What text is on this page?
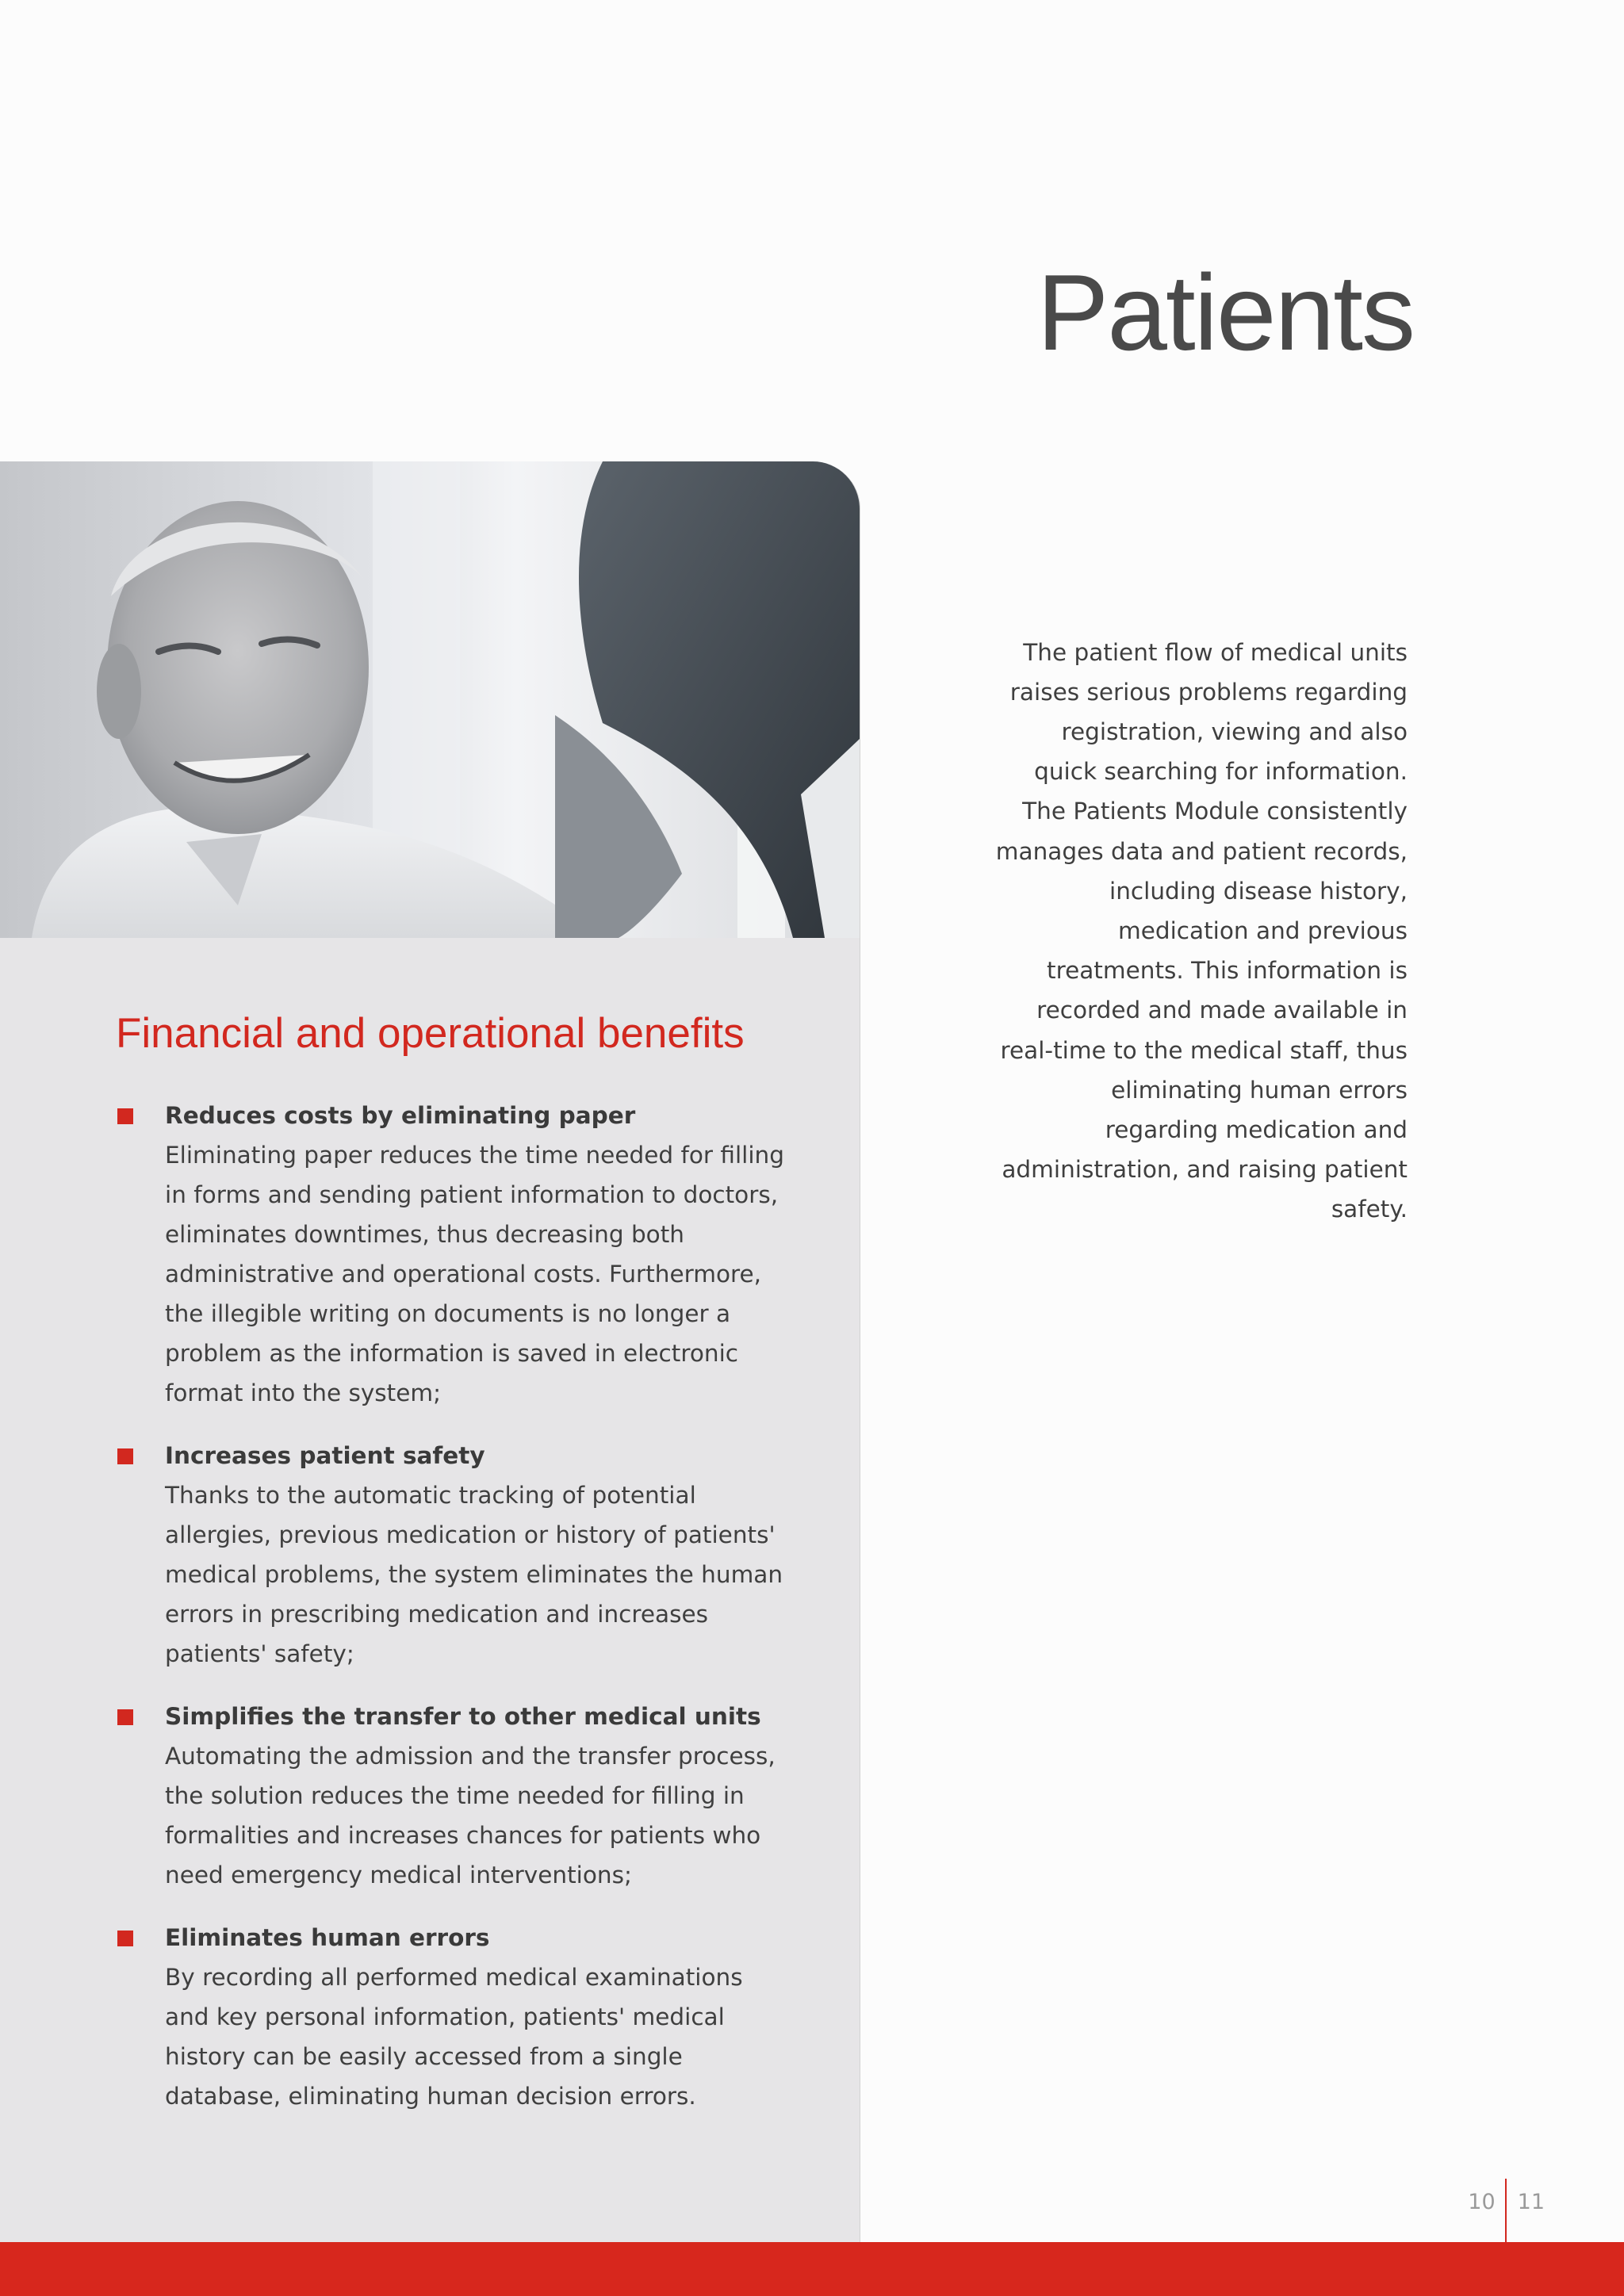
Patients
Financial and operational benefits
Reduces costs by eliminating paper
Eliminating paper reduces the time needed for filling in forms and sending patient information to doctors, eliminates downtimes, thus decreasing both administrative and operational costs. Furthermore, the illegible writing on documents is no longer a problem as the information is saved in electronic format into the system;
Increases patient safety
Thanks to the automatic tracking of potential allergies, previous medication or history of patients' medical problems, the system eliminates the human errors in prescribing medication and increases patients' safety;
Simplifies the transfer to other medical units
Automating the admission and the transfer process, the solution reduces the time needed for filling in formalities and increases chances for patients who need emergency medical interventions;
Eliminates human errors
By recording all performed medical examinations and key personal information, patients' medical history can be easily accessed from a single database, eliminating human decision errors.

The patient flow of medical units raises serious problems regarding registration, viewing and also quick searching for information. The Patients Module consistently manages data and patient records, including disease history, medication and previous treatments. This information is recorded and made available in real-time to the medical staff, thus eliminating human errors regarding medication and administration, and raising patient safety.

10	11
